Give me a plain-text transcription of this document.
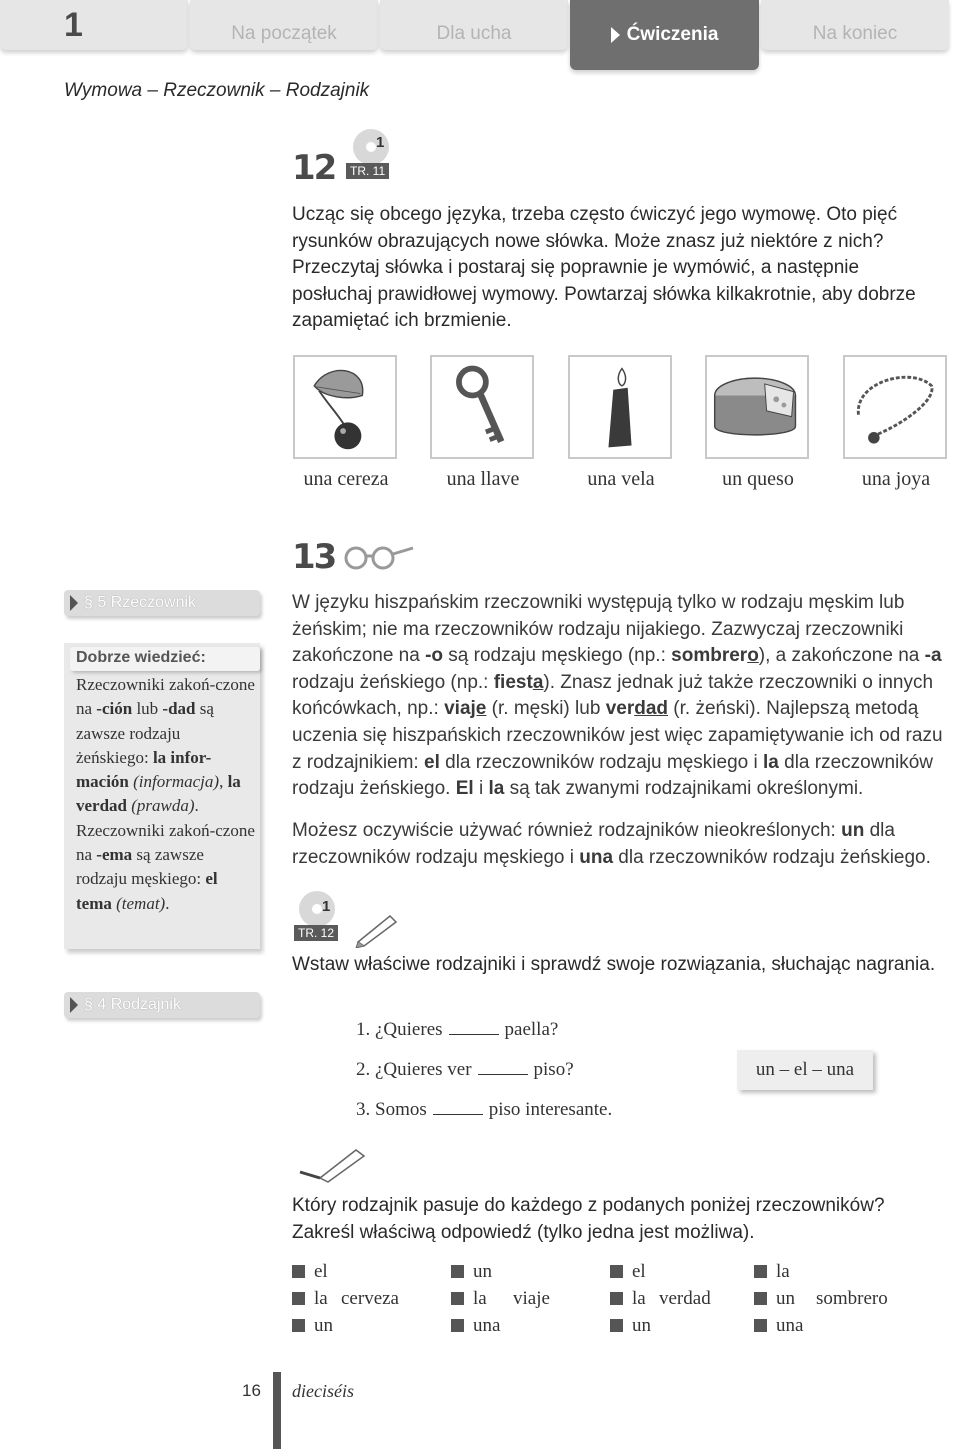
1	Na początek	Dla ucha	Ćwiczenia	Na koniec
Wymowa – Rzeczownik – Rodzajnik
12
1
TR. 11
Ucząc się obcego języka, trzeba często ćwiczyć jego wymowę. Oto pięć rysunków obrazujących nowe słówka. Może znasz już niektóre z nich? Przeczytaj słówka i postaraj się poprawnie je wymówić, a następnie posłuchaj prawidłowej wymowy. Powtarzaj słówka kilkakrotnie, aby dobrze zapamiętać ich brzmienie.
una cereza	una llave	una vela	un queso	una joya
13
W języku hiszpańskim rzeczowniki występują tylko w rodzaju męskim lub żeńskim; nie ma rzeczowników rodzaju nijakiego. Zazwyczaj rzeczowniki zakończone na -o są rodzaju męskiego (np.: sombrero), a zakończone na -a rodzaju żeńskiego (np.: fiesta). Znasz jednak już także rzeczowniki o innych końcówkach, np.: viaje (r. męski) lub verdad (r. żeński). Najlepszą metodą uczenia się hiszpańskich rzeczowników jest więc zapamiętywanie ich od razu z rodzajnikiem: el dla rzeczowników rodzaju męskiego i la dla rzeczowników rodzaju żeńskiego. El i la są tak zwanymi rodzajnikami określonymi.
Możesz oczywiście używać również rodzajników nieokreślonych: un dla rzeczowników rodzaju męskiego i una dla rzeczowników rodzaju żeńskiego.
§ 5 Rzeczownik
Dobrze wiedzieć:
Rzeczowniki zakoń-czone na -ción lub -dad są zawsze rodzaju żeńskiego: la infor-mación (informacja), la verdad (prawda). Rzeczowniki zakoń-czone na -ema są zawsze rodzaju męskiego: el tema (temat).
§ 4 Rodzajnik
1
TR. 12
Wstaw właściwe rodzajniki i sprawdź swoje rozwiązania, słuchając nagrania.
1. ¿Quieres	paella?
2. ¿Quieres ver	piso?
3. Somos	piso interesante.
un – el – una
Który rodzajnik pasuje do każdego z podanych poniżej rzeczowników? Zakreśl właściwą odpowiedź (tylko jedna jest możliwa).
el
la cerveza
un
un
la	viaje
una
el
la verdad
un
la
un	sombrero
una
16 dieciséis
